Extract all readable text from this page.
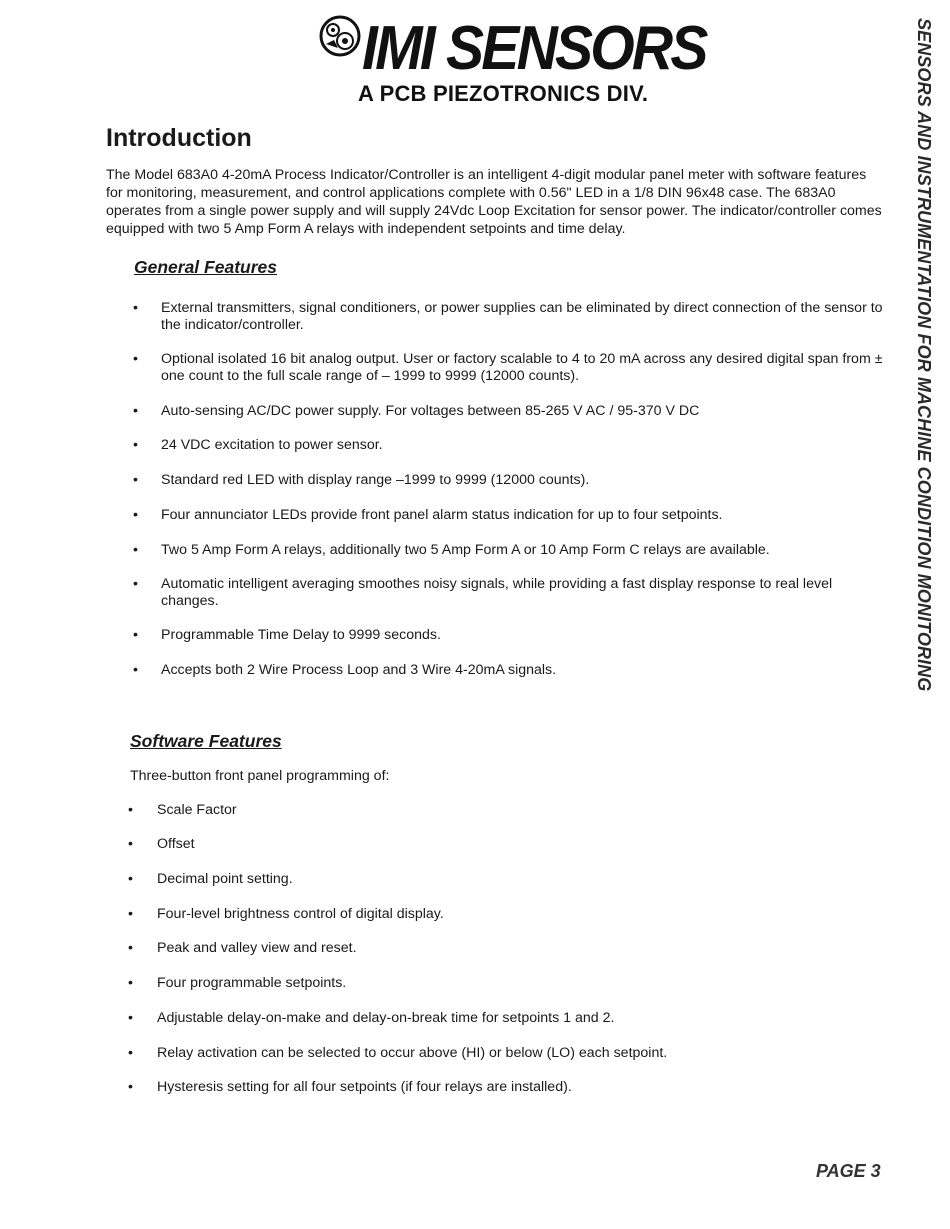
IMI SENSORS
A PCB PIEZOTRONICS DIV.	SENSORS AND INSTRUMENTATION FOR MACHINE CONDITION MONITORING
Introduction

The Model 683A0 4-20mA Process Indicator/Controller is an intelligent 4-digit modular panel meter with software features for monitoring, measurement, and control applications complete with 0.56" LED in a 1/8 DIN 96x48 case. The 683A0 operates from a single power supply and will supply 24Vdc Loop Excitation for sensor power. The indicator/controller comes equipped with two 5 Amp Form A relays with independent setpoints and time delay.

General Features
•	External transmitters, signal conditioners, or power supplies can be eliminated by direct connection of the sensor to the indicator/controller.
•	Optional isolated 16 bit analog output. User or factory scalable to 4 to 20 mA across any desired digital span from ± one count to the full scale range of – 1999 to 9999 (12000 counts).
•	Auto-sensing AC/DC power supply. For voltages between 85-265 V AC / 95-370 V DC
•	24 VDC excitation to power sensor.
•	Standard red LED with display range –1999 to 9999 (12000 counts).
•	Four annunciator LEDs provide front panel alarm status indication for up to four setpoints.
•	Two 5 Amp Form A relays, additionally two 5 Amp Form A or 10 Amp Form C relays are available.
•	Automatic intelligent averaging smoothes noisy signals, while providing a fast display response to real level changes.
•	Programmable Time Delay to 9999 seconds.
•	Accepts both 2 Wire Process Loop and 3 Wire 4-20mA signals.
Software Features

Three-button front panel programming of:

•	Scale Factor
•	Offset
•	Decimal point setting.
•	Four-level brightness control of digital display.
•	Peak and valley view and reset.
•	Four programmable setpoints.
•	Adjustable delay-on-make and delay-on-break time for setpoints 1 and 2.
•	Relay activation can be selected to occur above (HI) or below (LO) each setpoint.
•	Hysteresis setting for all four setpoints (if four relays are installed).
PAGE 3
